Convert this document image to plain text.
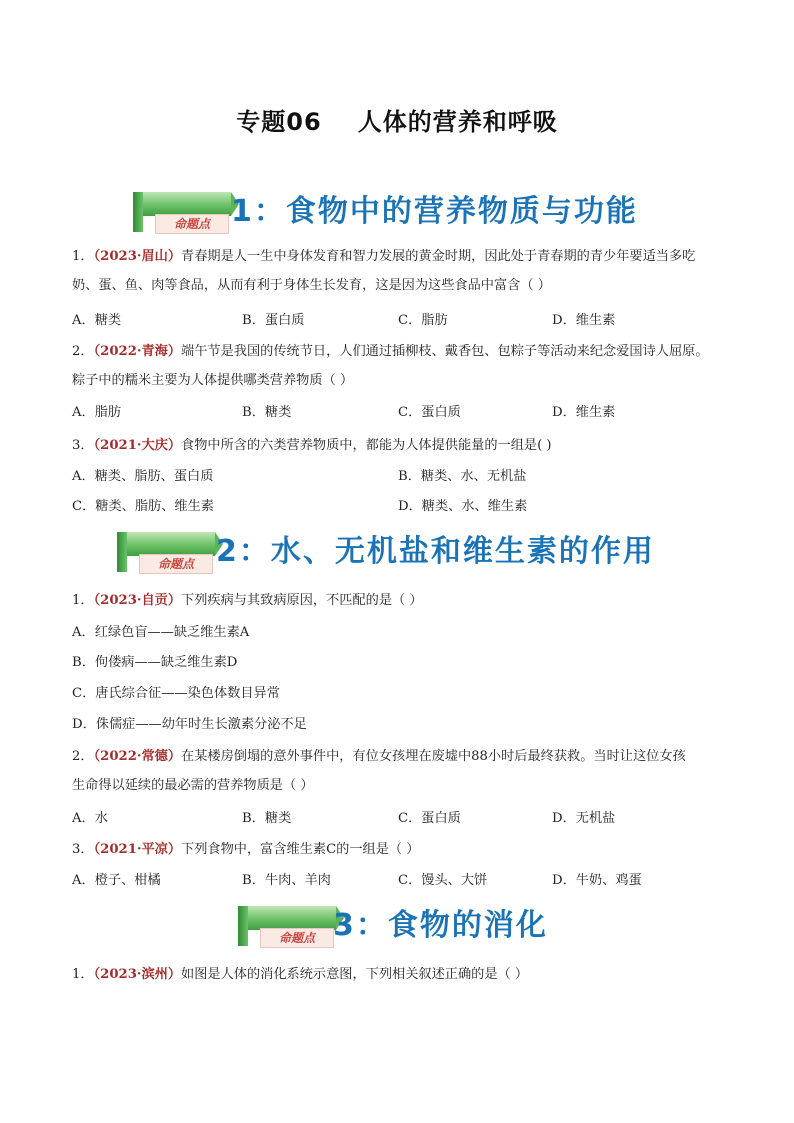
专题06 人体的营养和呼吸
命题点 1：食物中的营养物质与功能
1．（2023·眉山）青春期是人一生中身体发育和智力发展的黄金时期，因此处于青春期的青少年要适当多吃
奶、蛋、鱼、肉等食品，从而有利于身体生长发育，这是因为这些食品中富含（ ）
A．糖类	B．蛋白质	C．脂肪	D．维生素
2．（2022·青海）端午节是我国的传统节日，人们通过插柳枝、戴香包、包粽子等活动来纪念爱国诗人屈原。
粽子中的糯米主要为人体提供哪类营养物质（ ）
A．脂肪	B．糖类	C．蛋白质	D．维生素
3．（2021·大庆）食物中所含的六类营养物质中，都能为人体提供能量的一组是( )
A．糖类、脂肪、蛋白质	B．糖类、水、无机盐
C．糖类、脂肪、维生素	D．糖类、水、维生素
命题点 2：水、无机盐和维生素的作用
1．（2023·自贡）下列疾病与其致病原因，不匹配的是（ ）
A．红绿色盲——缺乏维生素A
B．佝偻病——缺乏维生素D
C．唐氏综合征——染色体数目异常
D．侏儒症——幼年时生长激素分泌不足
2．（2022·常德）在某楼房倒塌的意外事件中，有位女孩埋在废墟中88小时后最终获救。当时让这位女孩
生命得以延续的最必需的营养物质是（ ）
A．水	B．糖类	C．蛋白质	D．无机盐
3．（2021·平凉）下列食物中，富含维生素C的一组是（ ）
A．橙子、柑橘	B．牛肉、羊肉	C．馒头、大饼	D．牛奶、鸡蛋
命题点 3：食物的消化
1．（2023·滨州）如图是人体的消化系统示意图，下列相关叙述正确的是（ ）
